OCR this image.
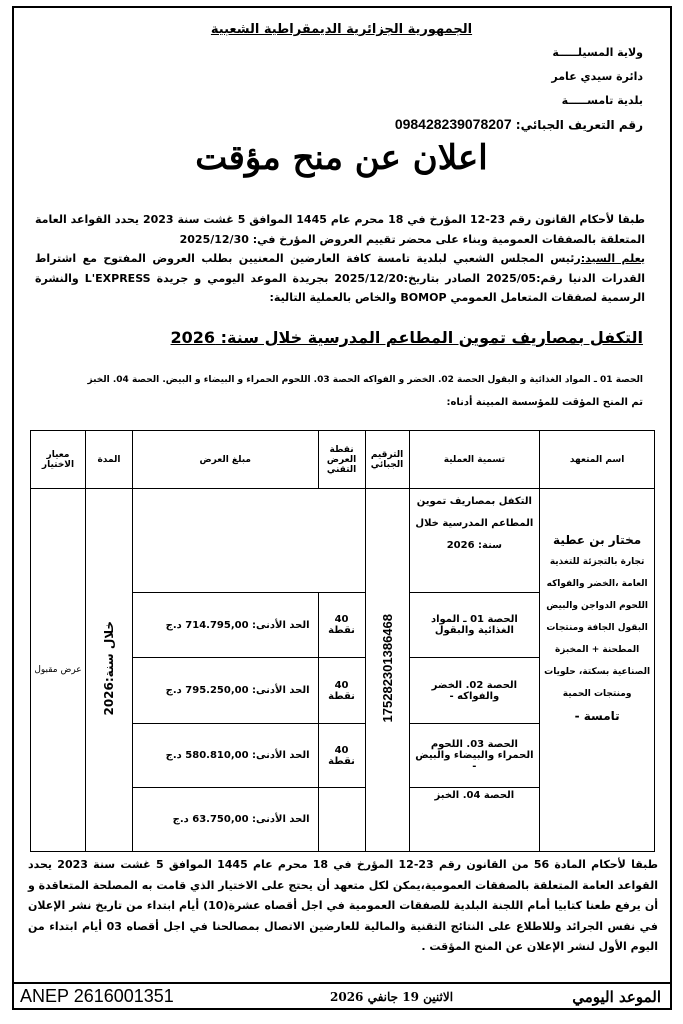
الجمهورية الجزائرية الديمقراطية الشعبية
ولاية المسيلـــــة
دائرة سيدي عامر
بلدية تامســـــة
رقم التعريف الجبائي: 098428239078207
اعلان عن منح مؤقت
طبقا لأحكام القانون رقم 23-12 المؤرخ في 18 محرم عام 1445 الموافق 5 غشت سنة 2023 يحدد القواعد العامة المتعلقة بالصفقات العمومية وبناء على محضر تقييم العروض المؤرخ في: 2025/12/30
يعلم السيد:رئيس المجلس الشعبي لبلدية تامسة كافة العارضين المعنيين بطلب العروض المفتوح مع اشتراط القدرات الدنيا رقم:2025/05 الصادر بتاريخ:2025/12/20 بجريدة الموعد اليومي و جريدة L'EXPRESS والنشرة الرسمية لصفقات المتعامل العمومي BOMOP والخاص بالعملية التالية:
التكفل بمصاريف تموين المطاعم المدرسية خلال سنة: 2026
الحصة 01 ـ المواد الغذائية و البقول الحصة 02. الخضر و الفواكه الحصة 03. اللحوم الحمراء و البيضاء و البيض. الحصة 04. الخبز
تم المنح المؤقت للمؤسسة المبينة أدناه:
اسم المتعهد	تسمية العملية	الترقيم الجبائي	نقطة العرض التقني	مبلغ العرض	المدة	معيار الاختيار

مختار بن عطية
تجارة بالتجزئة للتغذية العامة ،الخضر والفواكه اللحوم الدواجن والبيض البقول الجافة ومنتجات المطحنة + المخبزة الصناعية بسكتة، حلويات ومنتجات الحمية
تامسة -	التكفل بمصاريف تموين المطاعم المدرسية خلال سنة: 2026	175282301386468			خلال سنة:2026	عرض مقبول
	الحصة 01 ـ المواد الغذائية والبقول		40 نقطة	الحد الأدنى: 714.795,00 د.ج		
	الحصة 02. الخضر والفواكه -		40 نقطة	الحد الأدنى: 795.250,00 د.ج		
	الحصة 03. اللحوم الحمراء والبيضاء والبيض -		40 نقطة	الحد الأدنى: 580.810,00 د.ج		
	الحصة 04. الخبز			الحد الأدنى: 63.750,00 د.ج		
طبقا لأحكام المادة 56 من القانون رقم 23-12 المؤرخ في 18 محرم عام 1445 الموافق 5 غشت سنة 2023 يحدد القواعد العامة المتعلقة بالصفقات العمومية،يمكن لكل متعهد أن يحتج على الاختيار الذي قامت به المصلحة المتعاقدة و أن يرفع طعنا كتابيا أمام اللجنة البلدية للصفقات العمومية في اجل أقصاه عشرة(10) أيام ابتداء من تاريخ نشر الإعلان في نفس الجرائد وللاطلاع على النتائج التقنية والمالية للعارضين الاتصال بمصالحنا في اجل أقصاه 03 أيام ابتداء من اليوم الأول لنشر الإعلان عن المنح المؤقت .
الموعد اليومي
الاثنين 19 جانفي 2026
ANEP 2616001351
